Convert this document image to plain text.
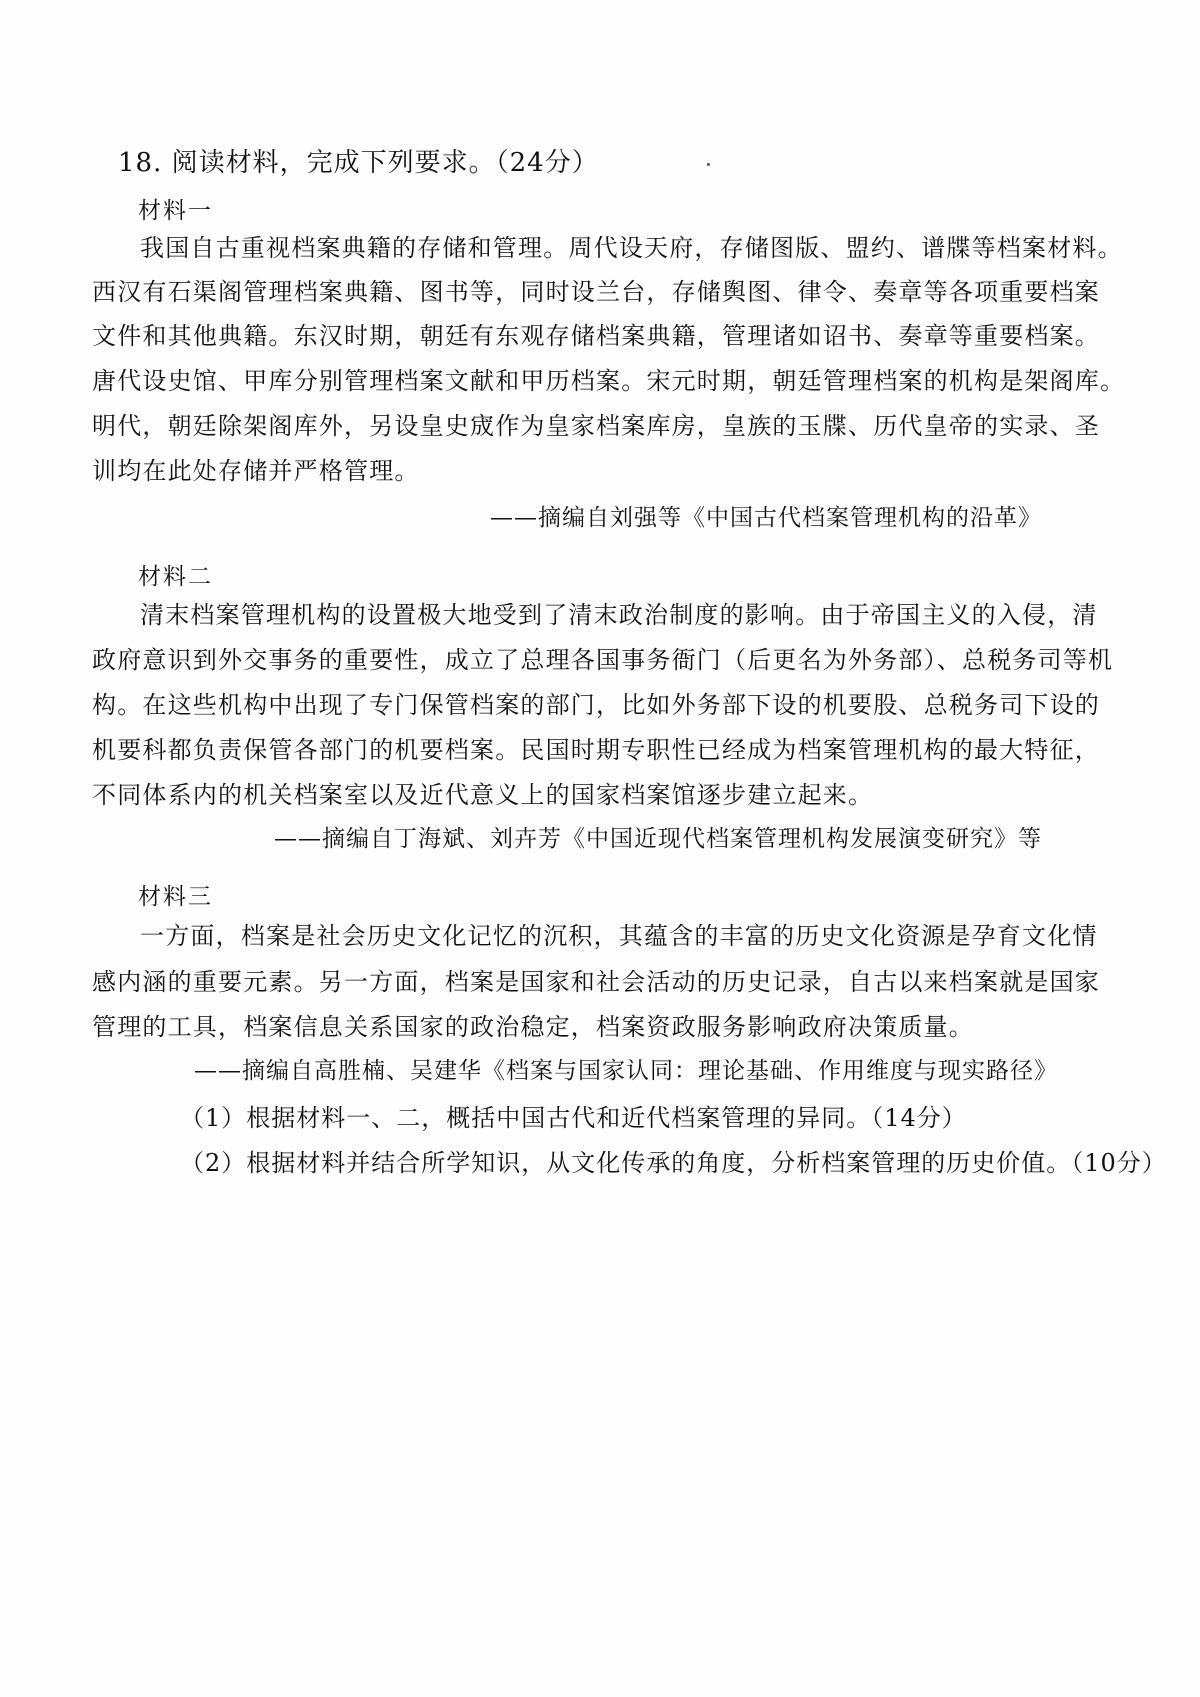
18. 阅读材料，完成下列要求。（24分）
材料一
我国自古重视档案典籍的存储和管理。周代设天府，存储图版、盟约、谱牒等档案材料。
西汉有石渠阁管理档案典籍、图书等，同时设兰台，存储舆图、律令、奏章等各项重要档案
文件和其他典籍。东汉时期，朝廷有东观存储档案典籍，管理诸如诏书、奏章等重要档案。
唐代设史馆、甲库分别管理档案文献和甲历档案。宋元时期，朝廷管理档案的机构是架阁库。
明代，朝廷除架阁库外，另设皇史宬作为皇家档案库房，皇族的玉牒、历代皇帝的实录、圣
训均在此处存储并严格管理。
——摘编自刘强等《中国古代档案管理机构的沿革》
材料二
清末档案管理机构的设置极大地受到了清末政治制度的影响。由于帝国主义的入侵，清
政府意识到外交事务的重要性，成立了总理各国事务衙门（后更名为外务部）、总税务司等机
构。在这些机构中出现了专门保管档案的部门，比如外务部下设的机要股、总税务司下设的
机要科都负责保管各部门的机要档案。民国时期专职性已经成为档案管理机构的最大特征，
不同体系内的机关档案室以及近代意义上的国家档案馆逐步建立起来。
——摘编自丁海斌、刘卉芳《中国近现代档案管理机构发展演变研究》等
材料三
一方面，档案是社会历史文化记忆的沉积，其蕴含的丰富的历史文化资源是孕育文化情
感内涵的重要元素。另一方面，档案是国家和社会活动的历史记录，自古以来档案就是国家
管理的工具，档案信息关系国家的政治稳定，档案资政服务影响政府决策质量。
——摘编自高胜楠、吴建华《档案与国家认同：理论基础、作用维度与现实路径》
（1）根据材料一、二，概括中国古代和近代档案管理的异同。（14分）
（2）根据材料并结合所学知识，从文化传承的角度，分析档案管理的历史价值。（10分）
